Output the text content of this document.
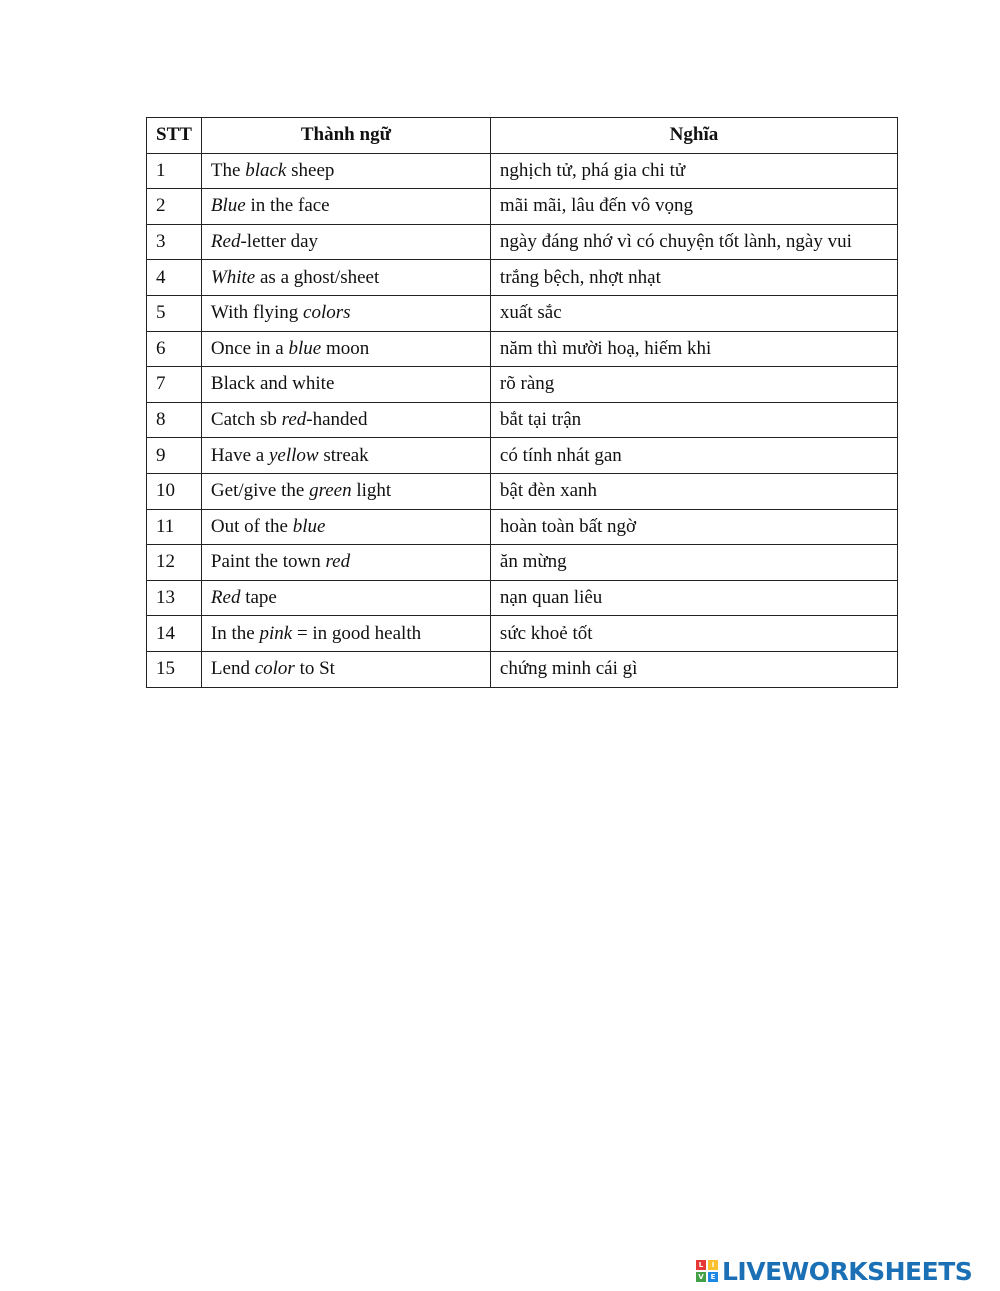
STT	Thành ngữ	Nghĩa
1	The black sheep	nghịch tử, phá gia chi tử
2	Blue in the face	mãi mãi, lâu đến vô vọng
3	Red-letter day	ngày đáng nhớ vì có chuyện tốt lành, ngày vui
4	White as a ghost/sheet	trắng bệch, nhợt nhạt
5	With flying colors	xuất sắc
6	Once in a blue moon	năm thì mười hoạ, hiếm khi
7	Black and white	rõ ràng
8	Catch sb red-handed	bắt tại trận
9	Have a yellow streak	có tính nhát gan
10	Get/give the green light	bật đèn xanh
11	Out of the blue	hoàn toàn bất ngờ
12	Paint the town red	ăn mừng
13	Red tape	nạn quan liêu
14	In the pink = in good health	sức khoẻ tốt
15	Lend color to St	chứng minh cái gì
L	I
V E LIVEWORKSHEETS
